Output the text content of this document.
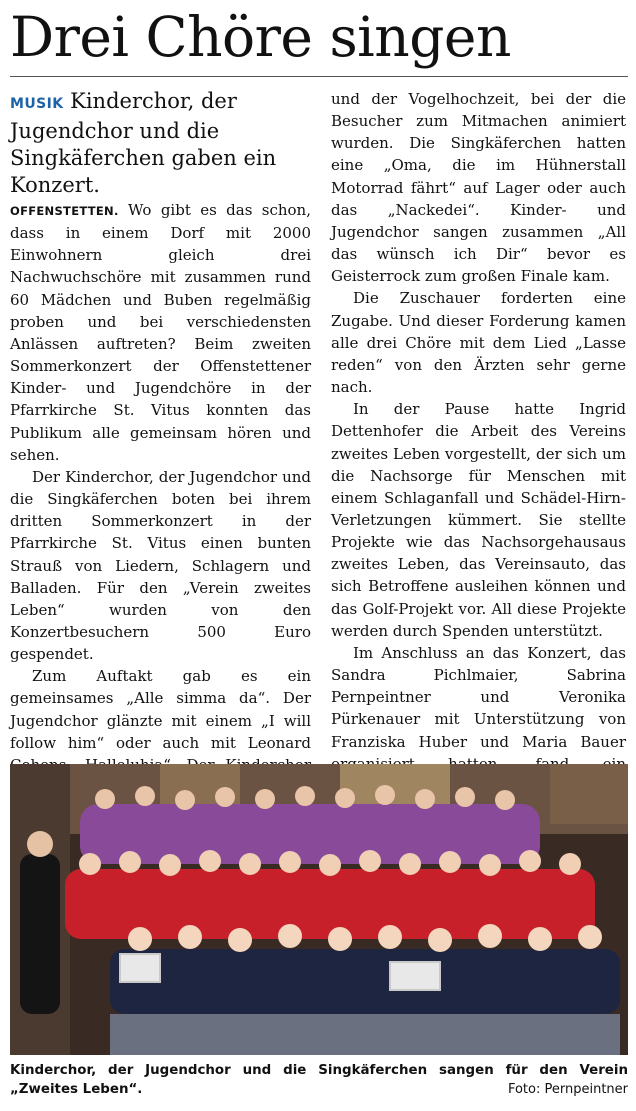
Drei Chöre singen

MUSIK Kinderchor, der Jugendchor und die Singkäferchen gaben ein Konzert.

OFFENSTETTEN. Wo gibt es das schon, dass in einem Dorf mit 2000 Einwohnern gleich drei Nachwuchschöre mit zusammen rund 60 Mädchen und Buben regelmäßig proben und bei verschiedensten Anlässen auftreten? Beim zweiten Sommerkonzert der Offenstettener Kinder- und Jugendchöre in der Pfarrkirche St. Vitus konnten das Publikum alle gemeinsam hören und sehen.

Der Kinderchor, der Jugendchor und die Singkäferchen boten bei ihrem dritten Sommerkonzert in der Pfarrkirche St. Vitus einen bunten Strauß von Liedern, Schlagern und Balladen. Für den „Verein zweites Leben“ wurden von den Konzertbesuchern 500 Euro gespendet.

Zum Auftakt gab es ein gemeinsames „Alle simma da“. Der Jugendchor glänzte mit einem „I will follow him“ oder auch mit Leonard

und der Vogelhochzeit, bei der die Besucher zum Mitmachen animiert wurden. Die Singkäferchen hatten eine „Oma, die im Hühnerstall Motorrad fährt“ auf Lager oder auch das „Nackedei“. Kinder- und Jugendchor sangen zusammen „All das wünsch ich Dir“ bevor es Geisterrock zum großen Finale kam.

Die Zuschauer forderten eine Zugabe. Und dieser Forderung kamen alle drei Chöre mit dem Lied „Lasse reden“ von den Ärzten sehr gerne nach.

In der Pause hatte Ingrid Dettenhofer die Arbeit des Vereins zweites Leben vorgestellt, der sich um die Nachsorge für Menschen mit einem Schlaganfall und Schädel-Hirn-Verletzungen kümmert. Sie stellte Projekte wie das Nachsorgehausaus zweites Leben, das Vereinsauto, das sich Betroffene ausleihen können und das Golf-Projekt vor. All diese Projekte werden durch Spenden unterstützt.

Im Anschluss an das Konzert, das Sandra Pichlmaier, Sabrina Pernpeintner und Veronika Pürkenauer mit Unterstützung von Franziska Huber und Maria Bauer

Kinderchor, der Jugendchor und die Singkäferchen sangen für den Verein „Zweites Leben“.	Foto: Pernpeintner
